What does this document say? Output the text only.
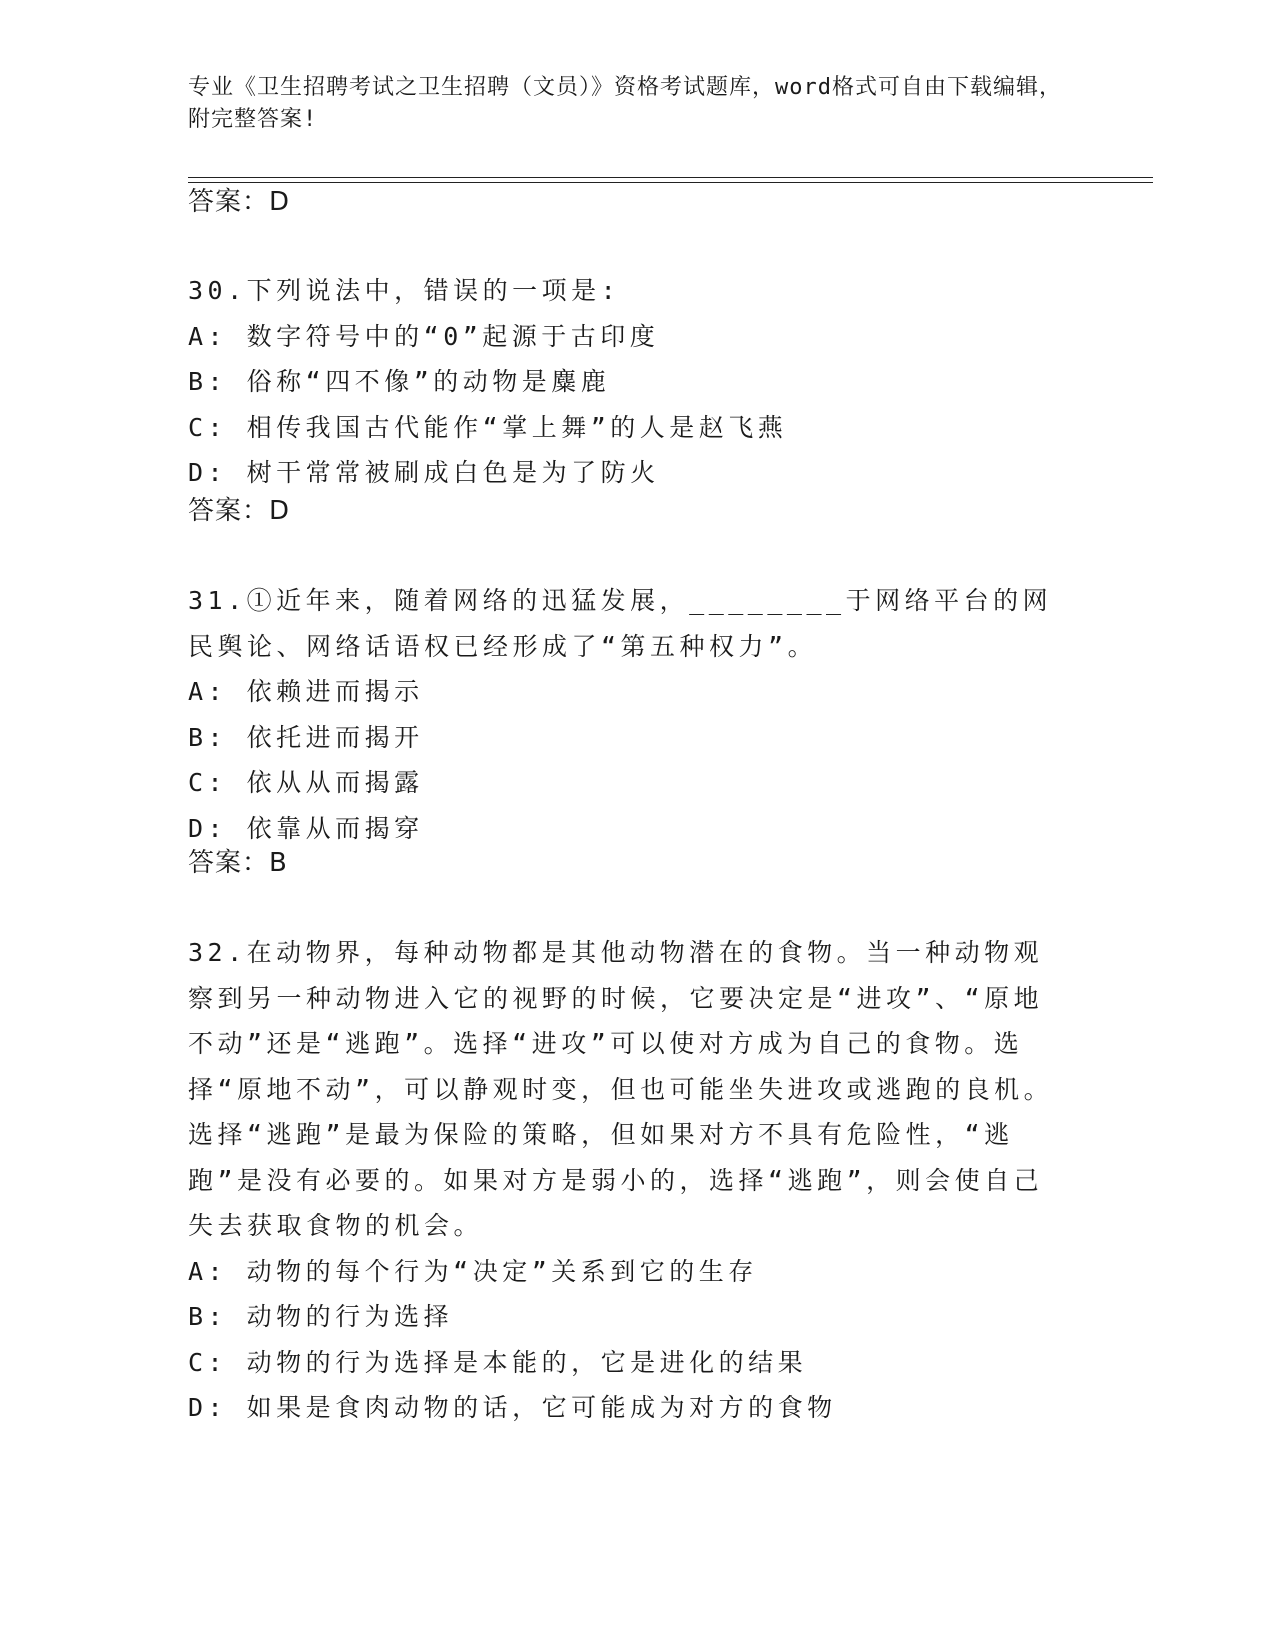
专业《卫生招聘考试之卫生招聘（文员）》资格考试题库，word格式可自由下载编辑，附完整答案!
答案：D
30.下列说法中，错误的一项是:
A: 数字符号中的“0”起源于古印度
B: 俗称“四不像”的动物是麋鹿
C: 相传我国古代能作“掌上舞”的人是赵飞燕
D: 树干常常被刷成白色是为了防火
答案：D
31.①近年来，随着网络的迅猛发展，________于网络平台的网民舆论、网络话语权已经形成了“第五种权力”。
A: 依赖进而揭示
B: 依托进而揭开
C: 依从从而揭露
D: 依靠从而揭穿
答案：B
32.在动物界，每种动物都是其他动物潜在的食物。当一种动物观察到另一种动物进入它的视野的时候，它要决定是“进攻”、“原地不动”还是“逃跑”。选择“进攻”可以使对方成为自己的食物。选择“原地不动”，可以静观时变，但也可能坐失进攻或逃跑的良机。选择“逃跑”是最为保险的策略，但如果对方不具有危险性，“逃跑”是没有必要的。如果对方是弱小的，选择“逃跑”，则会使自己失去获取食物的机会。
A: 动物的每个行为“决定”关系到它的生存
B: 动物的行为选择
C: 动物的行为选择是本能的，它是进化的结果
D: 如果是食肉动物的话，它可能成为对方的食物
